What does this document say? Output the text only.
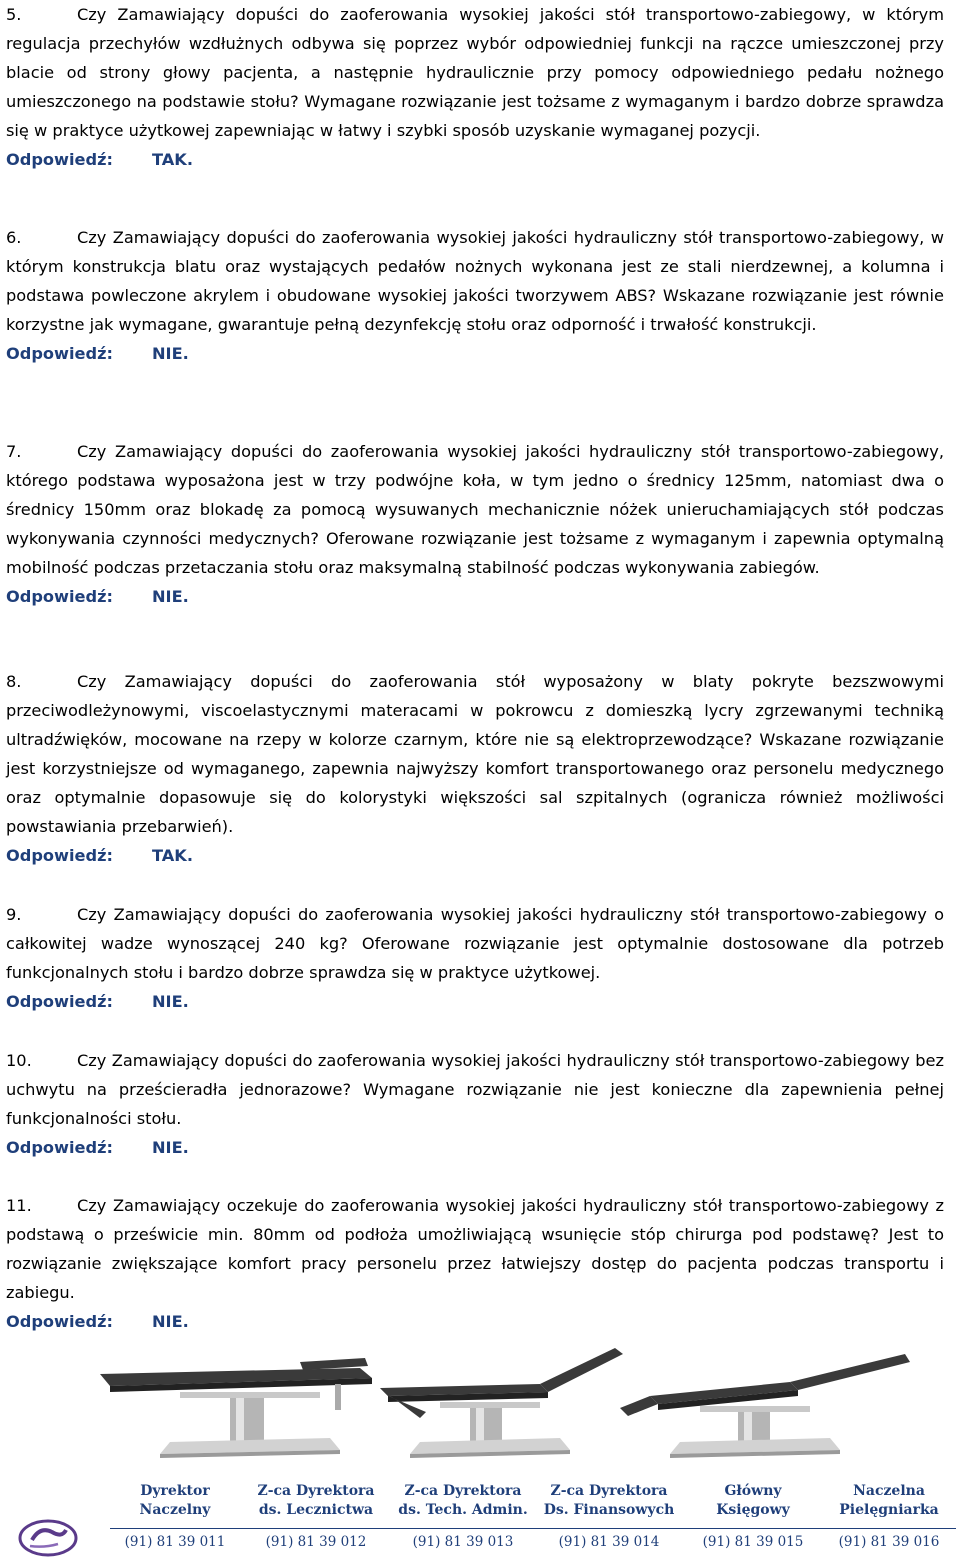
5.	Czy Zamawiający dopuści do zaoferowania wysokiej jakości stół transportowo-zabiegowy, w którym regulacja przechyłów wzdłużnych odbywa się poprzez wybór odpowiedniej funkcji na rączce umieszczonej przy blacie od strony głowy pacjenta, a następnie hydraulicznie przy pomocy odpowiedniego pedału nożnego umieszczonego na podstawie stołu? Wymagane rozwiązanie jest tożsame z wymaganym i bardzo dobrze sprawdza się w praktyce użytkowej zapewniając w łatwy i szybki sposób uzyskanie wymaganej pozycji.

Odpowiedź: TAK.

6.	Czy Zamawiający dopuści do zaoferowania wysokiej jakości hydrauliczny stół transportowo-zabiegowy, w którym konstrukcja blatu oraz wystających pedałów nożnych wykonana jest ze stali nierdzewnej, a kolumna i podstawa powleczone akrylem i obudowane wysokiej jakości tworzywem ABS? Wskazane rozwiązanie jest równie korzystne jak wymagane, gwarantuje pełną dezynfekcję stołu oraz odporność i trwałość konstrukcji.

Odpowiedź: NIE.

7.	Czy Zamawiający dopuści do zaoferowania wysokiej jakości hydrauliczny stół transportowo-zabiegowy, którego podstawa wyposażona jest w trzy podwójne koła, w tym jedno o średnicy 125mm, natomiast dwa o średnicy 150mm oraz blokadę za pomocą wysuwanych mechanicznie nóżek unieruchamiających stół podczas wykonywania czynności medycznych? Oferowane rozwiązanie jest tożsame z wymaganym i zapewnia optymalną mobilność podczas przetaczania stołu oraz maksymalną stabilność podczas wykonywania zabiegów.

Odpowiedź: NIE.

8.	Czy Zamawiający dopuści do zaoferowania stół wyposażony w blaty pokryte bezszwowymi przeciwodleżynowymi, viscoelastycznymi materacami w pokrowcu z domieszką lycry zgrzewanymi techniką ultradźwięków, mocowane na rzepy w kolorze czarnym, które nie są elektroprzewodzące? Wskazane rozwiązanie jest korzystniejsze od wymaganego, zapewnia najwyższy komfort transportowanego oraz personelu medycznego oraz optymalnie dopasowuje się do kolorystyki większości sal szpitalnych (ogranicza również możliwości powstawiania przebarwień).

Odpowiedź: TAK.

9.	Czy Zamawiający dopuści do zaoferowania wysokiej jakości hydrauliczny stół transportowo-zabiegowy o całkowitej wadze wynoszącej 240 kg? Oferowane rozwiązanie jest optymalnie dostosowane dla potrzeb funkcjonalnych stołu i bardzo dobrze sprawdza się w praktyce użytkowej.

Odpowiedź: NIE.

10.	Czy Zamawiający dopuści do zaoferowania wysokiej jakości hydrauliczny stół transportowo-zabiegowy bez uchwytu na prześcieradła jednorazowe? Wymagane rozwiązanie nie jest konieczne dla zapewnienia pełnej funkcjonalności stołu.

Odpowiedź: NIE.

11.	Czy Zamawiający oczekuje do zaoferowania wysokiej jakości hydrauliczny stół transportowo-zabiegowy z podstawą o prześwicie min. 80mm od podłoża umożliwiającą wsunięcie stóp chirurga pod podstawę? Jest to rozwiązanie zwiększające komfort pracy personelu przez łatwiejszy dostęp do pacjenta podczas transportu i zabiegu.

Odpowiedź: NIE.

Dyrektor
Naczelny
Z-ca Dyrektora
ds. Lecznictwa
Z-ca Dyrektora
ds. Tech. Admin.
Z-ca Dyrektora
Ds. Finansowych
Główny
Księgowy
Naczelna
Pielęgniarka
(91) 81 39 011	(91) 81 39 012	(91) 81 39 013	(91) 81 39 014	(91) 81 39 015	(91) 81 39 016
